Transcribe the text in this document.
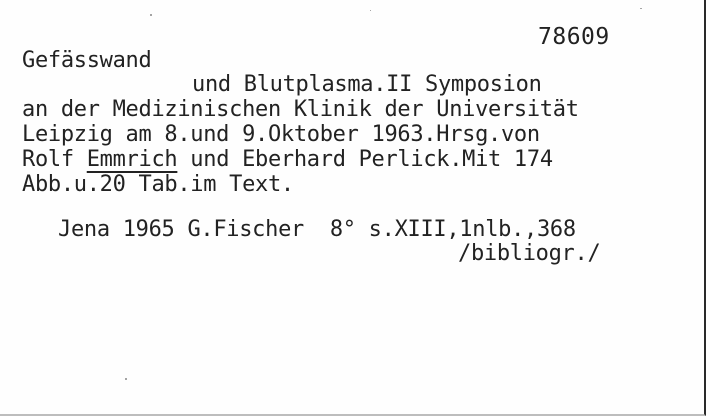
78609
Gefässwand
und Blutplasma.II Symposion
an der Medizinischen Klinik der Universität
Leipzig am 8.und 9.Oktober 1963.Hrsg.von
Rolf Emmrich und Eberhard Perlick.Mit 174
Abb.u.20 Tab.im Text.
Jena 1965 G.Fischer  8° s.XIII,1nlb.,368
/bibliogr./
